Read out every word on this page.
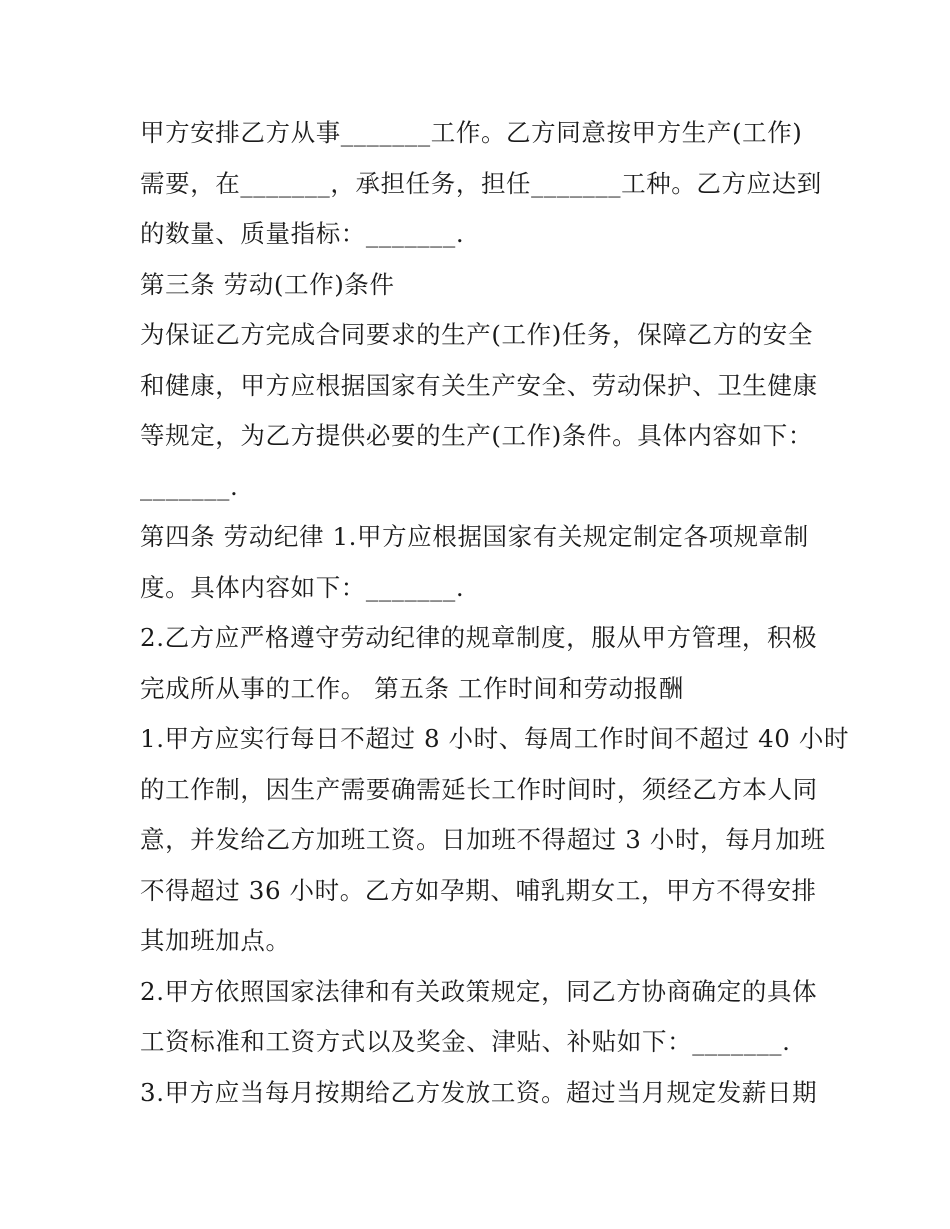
甲方安排乙方从事_______工作。乙方同意按甲方生产(工作)
需要，在_______，承担任务，担任_______工种。乙方应达到
的数量、质量指标：_______.
第三条 劳动(工作)条件
为保证乙方完成合同要求的生产(工作)任务，保障乙方的安全
和健康，甲方应根据国家有关生产安全、劳动保护、卫生健康
等规定，为乙方提供必要的生产(工作)条件。具体内容如下：
_______.
第四条 劳动纪律 1.甲方应根据国家有关规定制定各项规章制
度。具体内容如下：_______.
2.乙方应严格遵守劳动纪律的规章制度，服从甲方管理，积极
完成所从事的工作。 第五条 工作时间和劳动报酬
1.甲方应实行每日不超过 8 小时、每周工作时间不超过 40 小时
的工作制，因生产需要确需延长工作时间时，须经乙方本人同
意，并发给乙方加班工资。日加班不得超过 3 小时，每月加班
不得超过 36 小时。乙方如孕期、哺乳期女工，甲方不得安排
其加班加点。
2.甲方依照国家法律和有关政策规定，同乙方协商确定的具体
工资标准和工资方式以及奖金、津贴、补贴如下：_______.
3.甲方应当每月按期给乙方发放工资。超过当月规定发薪日期
